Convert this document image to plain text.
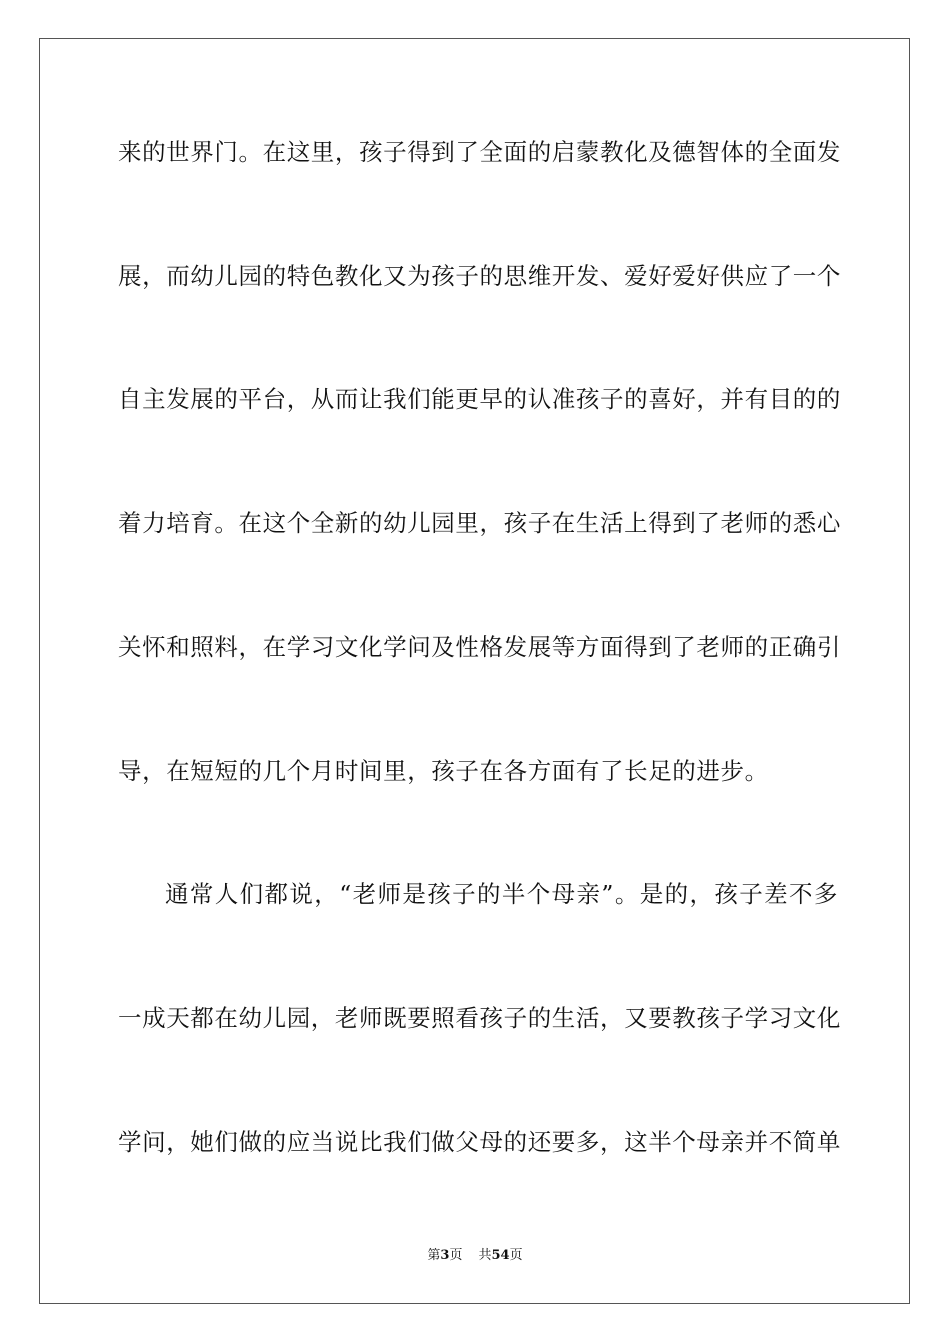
来的世界门。在这里，孩子得到了全面的启蒙教化及德智体的全面发
展，而幼儿园的特色教化又为孩子的思维开发、爱好爱好供应了一个
自主发展的平台，从而让我们能更早的认准孩子的喜好，并有目的的
着力培育。在这个全新的幼儿园里，孩子在生活上得到了老师的悉心
关怀和照料，在学习文化学问及性格发展等方面得到了老师的正确引
导，在短短的几个月时间里，孩子在各方面有了长足的进步。
通常人们都说，“老师是孩子的半个母亲”。是的，孩子差不多
一成天都在幼儿园，老师既要照看孩子的生活，又要教孩子学习文化
学问，她们做的应当说比我们做父母的还要多，这半个母亲并不简单
第3页 共54页
